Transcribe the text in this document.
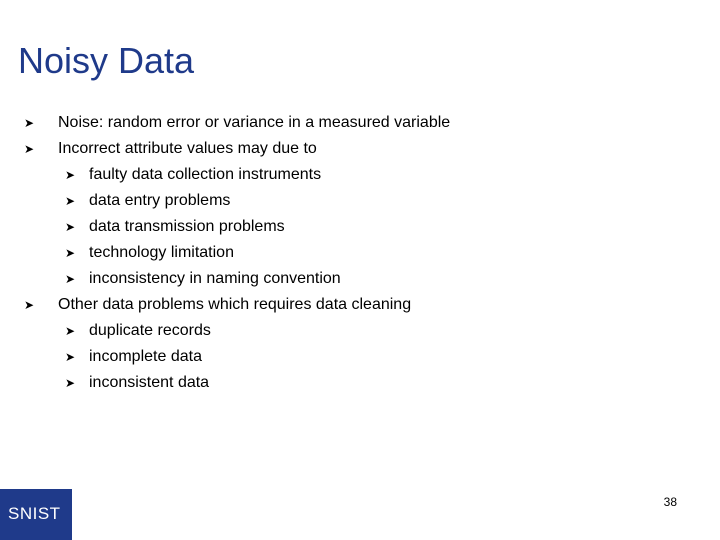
Noisy Data
➤ Noise: random error or variance in a measured variable
➤ Incorrect attribute values may due to
➤ faulty data collection instruments
➤ data entry problems
➤ data transmission problems
➤ technology limitation
➤ inconsistency in naming convention
➤ Other data problems which requires data cleaning
➤ duplicate records
➤ incomplete data
➤ inconsistent data
SNIST
38
